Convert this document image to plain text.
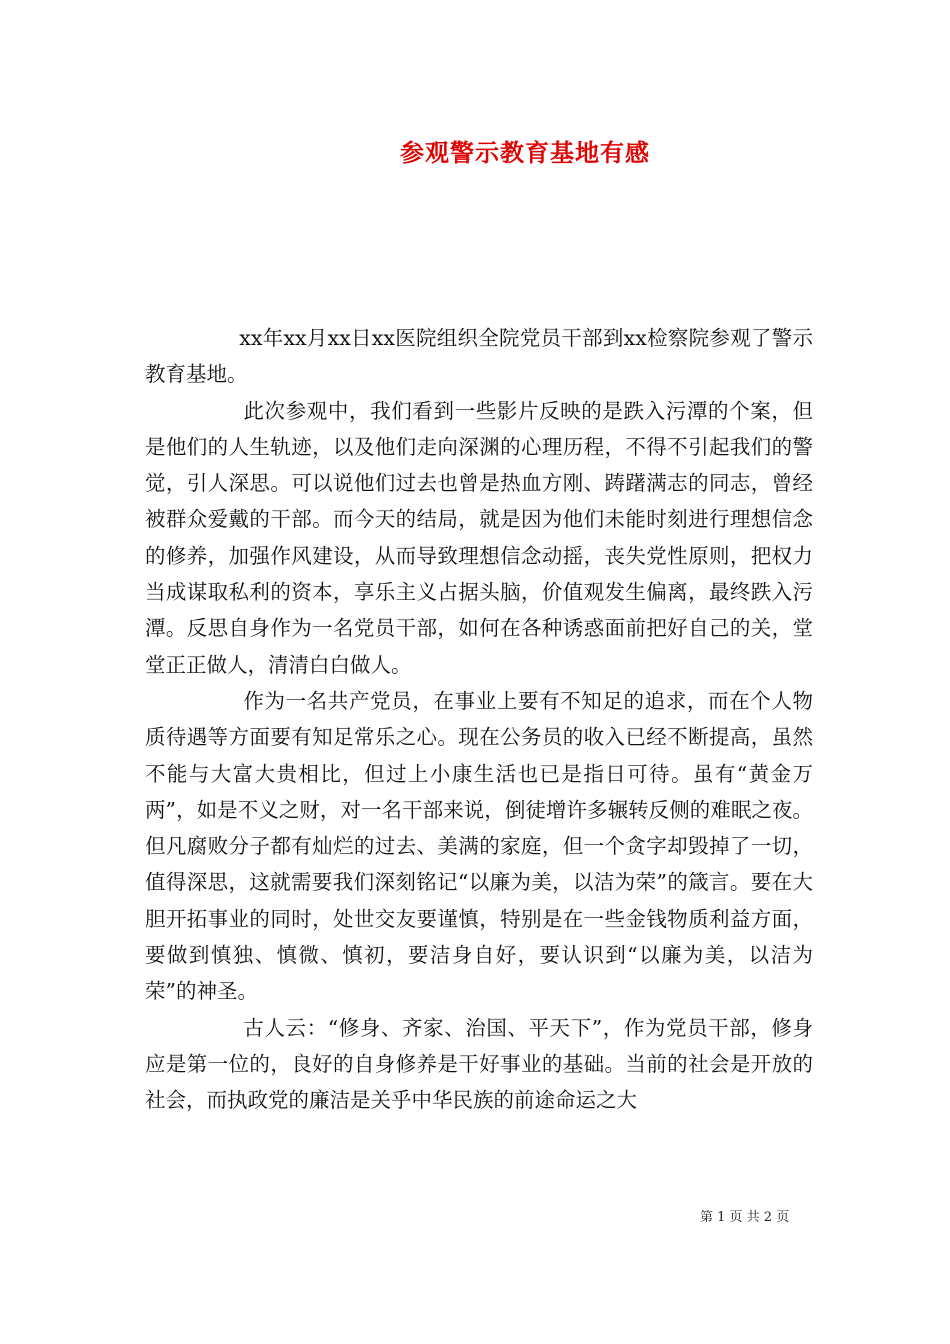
参观警示教育基地有感

xx年xx月xx日xx医院组织全院党员干部到xx检察院参观了警示教育基地。

此次参观中，我们看到一些影片反映的是跌入污潭的个案，但是他们的人生轨迹，以及他们走向深渊的心理历程，不得不引起我们的警觉，引人深思。可以说他们过去也曾是热血方刚、踌躇满志的同志，曾经被群众爱戴的干部。而今天的结局，就是因为他们未能时刻进行理想信念的修养，加强作风建设，从而导致理想信念动摇，丧失党性原则，把权力当成谋取私利的资本，享乐主义占据头脑，价值观发生偏离，最终跌入污潭。反思自身作为一名党员干部，如何在各种诱惑面前把好自己的关，堂堂正正做人，清清白白做人。

作为一名共产党员，在事业上要有不知足的追求，而在个人物质待遇等方面要有知足常乐之心。现在公务员的收入已经不断提高，虽然不能与大富大贵相比，但过上小康生活也已是指日可待。虽有“黄金万两”，如是不义之财，对一名干部来说，倒徒增许多辗转反侧的难眠之夜。但凡腐败分子都有灿烂的过去、美满的家庭，但一个贪字却毁掉了一切，值得深思，这就需要我们深刻铭记“以廉为美，以洁为荣”的箴言。要在大胆开拓事业的同时，处世交友要谨慎，特别是在一些金钱物质利益方面，要做到慎独、慎微、慎初，要洁身自好，要认识到“以廉为美，以洁为荣”的神圣。

古人云：“修身、齐家、治国、平天下”，作为党员干部，修身应是第一位的，良好的自身修养是干好事业的基础。当前的社会是开放的社会，而执政党的廉洁是关乎中华民族的前途命运之大

第 1 页 共 2 页
